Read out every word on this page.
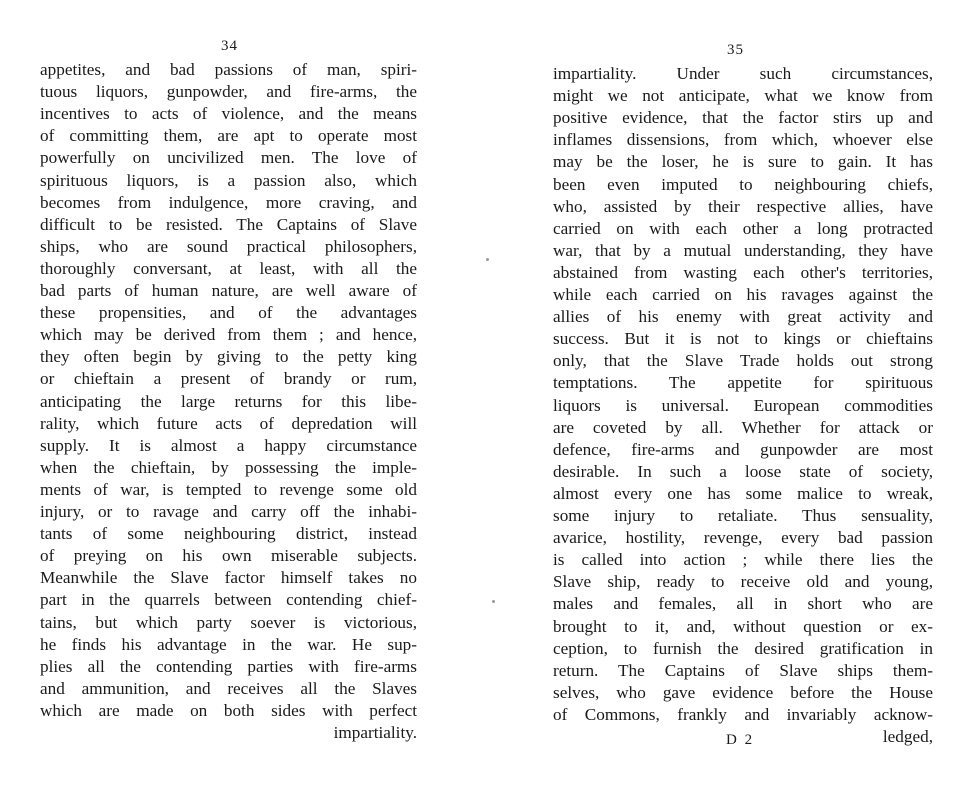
34
appetites, and bad passions of man, spiri-
tuous liquors, gunpowder, and fire-arms, the
incentives to acts of violence, and the means
of committing them, are apt to operate most
powerfully on uncivilized men. The love of
spirituous liquors, is a passion also, which
becomes from indulgence, more craving, and
difficult to be resisted. The Captains of Slave
ships, who are sound practical philosophers,
thoroughly conversant, at least, with all the
bad parts of human nature, are well aware of
these propensities, and of the advantages
which may be derived from them ; and hence,
they often begin by giving to the petty king
or chieftain a present of brandy or rum,
anticipating the large returns for this libe-
rality, which future acts of depredation will
supply. It is almost a happy circumstance
when the chieftain, by possessing the imple-
ments of war, is tempted to revenge some old
injury, or to ravage and carry off the inhabi-
tants of some neighbouring district, instead
of preying on his own miserable subjects.
Meanwhile the Slave factor himself takes no
part in the quarrels between contending chief-
tains, but which party soever is victorious,
he finds his advantage in the war. He sup-
plies all the contending parties with fire-arms
and ammunition, and receives all the Slaves
which are made on both sides with perfect
impartiality.
35
impartiality. Under such circumstances,
might we not anticipate, what we know from
positive evidence, that the factor stirs up and
inflames dissensions, from which, whoever else
may be the loser, he is sure to gain. It has
been even imputed to neighbouring chiefs,
who, assisted by their respective allies, have
carried on with each other a long protracted
war, that by a mutual understanding, they have
abstained from wasting each other's territories,
while each carried on his ravages against the
allies of his enemy with great activity and
success. But it is not to kings or chieftains
only, that the Slave Trade holds out strong
temptations. The appetite for spirituous
liquors is universal. European commodities
are coveted by all. Whether for attack or
defence, fire-arms and gunpowder are most
desirable. In such a loose state of society,
almost every one has some malice to wreak,
some injury to retaliate. Thus sensuality,
avarice, hostility, revenge, every bad passion
is called into action ; while there lies the
Slave ship, ready to receive old and young,
males and females, all in short who are
brought to it, and, without question or ex-
ception, to furnish the desired gratification in
return. The Captains of Slave ships them-
selves, who gave evidence before the House
of Commons, frankly and invariably acknow-
ledged,
D 2
